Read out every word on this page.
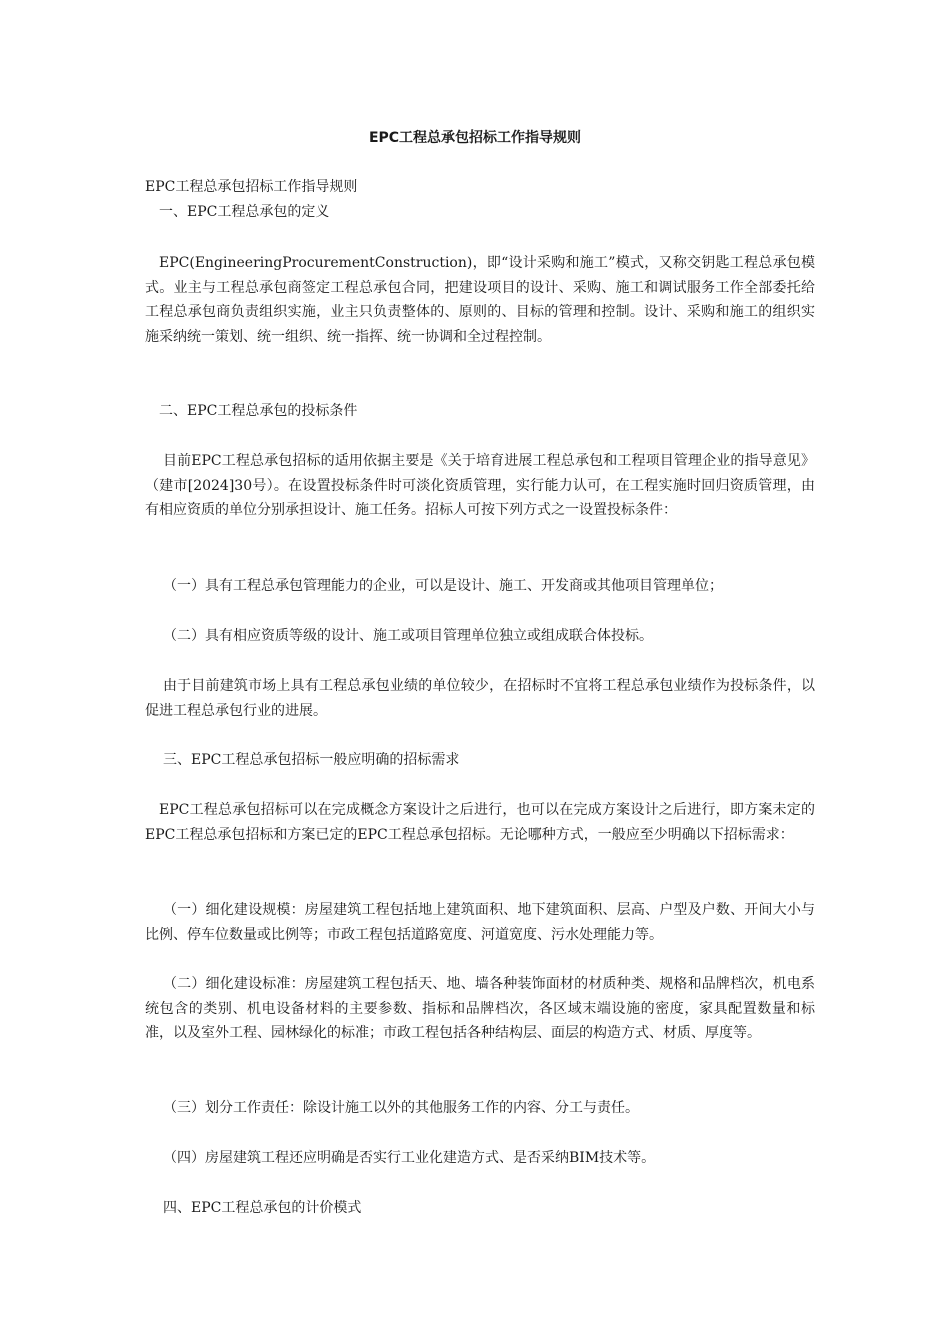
EPC工程总承包招标工作指导规则
EPC工程总承包招标工作指导规则
一、EPC工程总承包的定义
EPC(EngineeringProcurementConstruction)，即“设计采购和施工”模式，又称交钥匙工程总承包模式。业主与工程总承包商签定工程总承包合同，把建设项目的设计、采购、施工和调试服务工作全部委托给工程总承包商负责组织实施，业主只负责整体的、原则的、目标的管理和控制。设计、采购和施工的组织实施采纳统一策划、统一组织、统一指挥、统一协调和全过程控制。
二、EPC工程总承包的投标条件
目前EPC工程总承包招标的适用依据主要是《关于培育进展工程总承包和工程项目管理企业的指导意见》（建市[2024]30号）。在设置投标条件时可淡化资质管理，实行能力认可，在工程实施时回归资质管理，由有相应资质的单位分别承担设计、施工任务。招标人可按下列方式之一设置投标条件：
（一）具有工程总承包管理能力的企业，可以是设计、施工、开发商或其他项目管理单位；
（二）具有相应资质等级的设计、施工或项目管理单位独立或组成联合体投标。
由于目前建筑市场上具有工程总承包业绩的单位较少，在招标时不宜将工程总承包业绩作为投标条件，以促进工程总承包行业的进展。
三、EPC工程总承包招标一般应明确的招标需求
EPC工程总承包招标可以在完成概念方案设计之后进行，也可以在完成方案设计之后进行，即方案未定的EPC工程总承包招标和方案已定的EPC工程总承包招标。无论哪种方式，一般应至少明确以下招标需求：
（一）细化建设规模：房屋建筑工程包括地上建筑面积、地下建筑面积、层高、户型及户数、开间大小与比例、停车位数量或比例等；市政工程包括道路宽度、河道宽度、污水处理能力等。
（二）细化建设标准：房屋建筑工程包括天、地、墙各种装饰面材的材质种类、规格和品牌档次，机电系统包含的类别、机电设备材料的主要参数、指标和品牌档次，各区域末端设施的密度，家具配置数量和标准，以及室外工程、园林绿化的标准；市政工程包括各种结构层、面层的构造方式、材质、厚度等。
（三）划分工作责任：除设计施工以外的其他服务工作的内容、分工与责任。
（四）房屋建筑工程还应明确是否实行工业化建造方式、是否采纳BIM技术等。
四、EPC工程总承包的计价模式
